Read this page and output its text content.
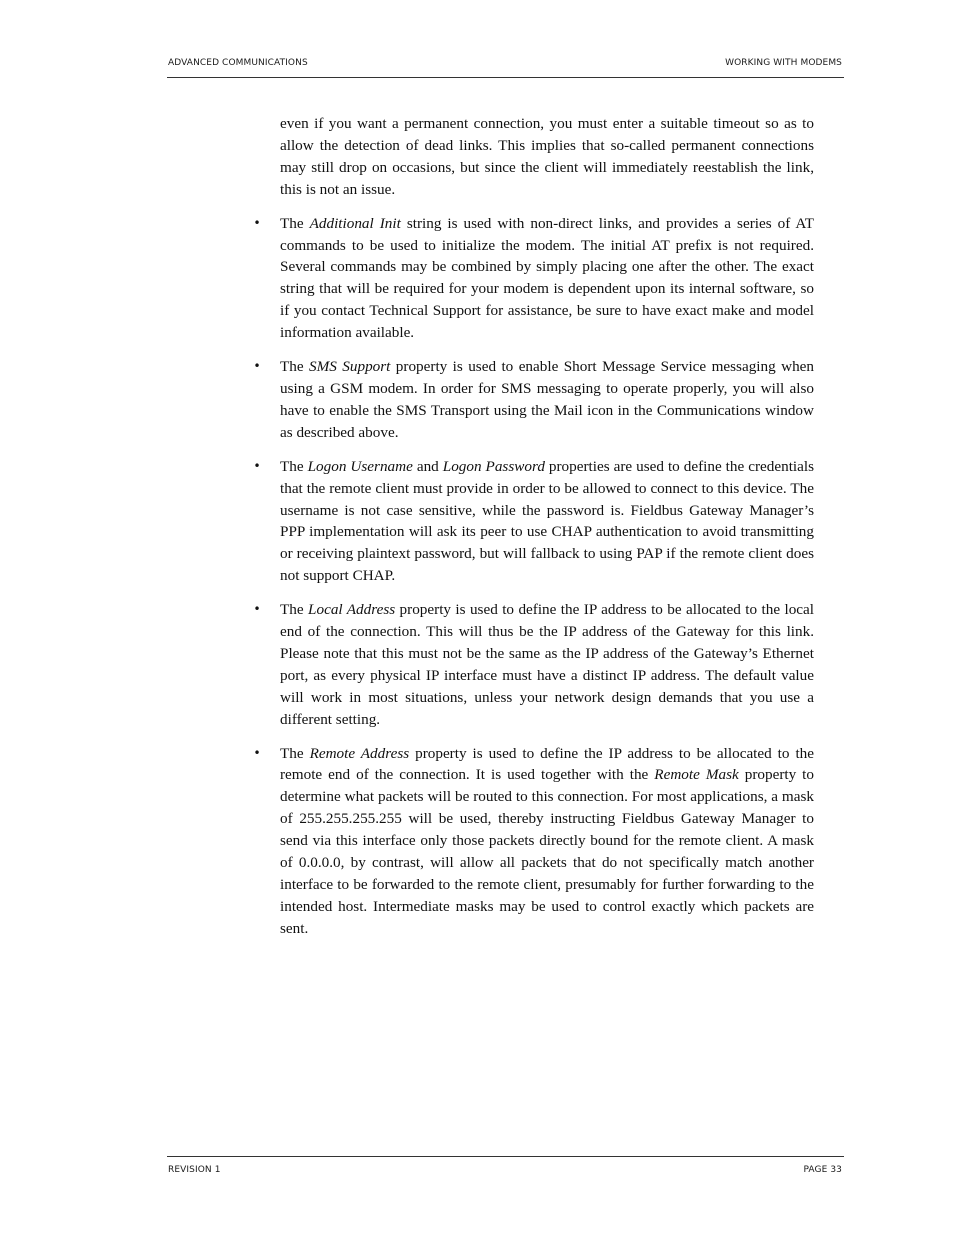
ADVANCED COMMUNICATIONS	WORKING WITH MODEMS

even if you want a permanent connection, you must enter a suitable timeout so as to allow the detection of dead links. This implies that so-called permanent connections may still drop on occasions, but since the client will immediately reestablish the link, this is not an issue.

• The Additional Init string is used with non-direct links, and provides a series of AT commands to be used to initialize the modem. The initial AT prefix is not required. Several commands may be combined by simply placing one after the other. The exact string that will be required for your modem is dependent upon its internal software, so if you contact Technical Support for assistance, be sure to have exact make and model information available.
• The SMS Support property is used to enable Short Message Service messaging when using a GSM modem. In order for SMS messaging to operate properly, you will also have to enable the SMS Transport using the Mail icon in the Communications window as described above.
• The Logon Username and Logon Password properties are used to define the credentials that the remote client must provide in order to be allowed to connect to this device. The username is not case sensitive, while the password is. Fieldbus Gateway Manager’s PPP implementation will ask its peer to use CHAP authentication to avoid transmitting or receiving plaintext password, but will fallback to using PAP if the remote client does not support CHAP.
• The Local Address property is used to define the IP address to be allocated to the local end of the connection. This will thus be the IP address of the Gateway for this link. Please note that this must not be the same as the IP address of the Gateway’s Ethernet port, as every physical IP interface must have a distinct IP address. The default value will work in most situations, unless your network design demands that you use a different setting.
• The Remote Address property is used to define the IP address to be allocated to the remote end of the connection. It is used together with the Remote Mask property to determine what packets will be routed to this connection. For most applications, a mask of 255.255.255.255 will be used, thereby instructing Fieldbus Gateway Manager to send via this interface only those packets directly bound for the remote client. A mask of 0.0.0.0, by contrast, will allow all packets that do not specifically match another interface to be forwarded to the remote client, presumably for further forwarding to the intended host. Intermediate masks may be used to control exactly which packets are sent.
REVISION 1	PAGE 33
